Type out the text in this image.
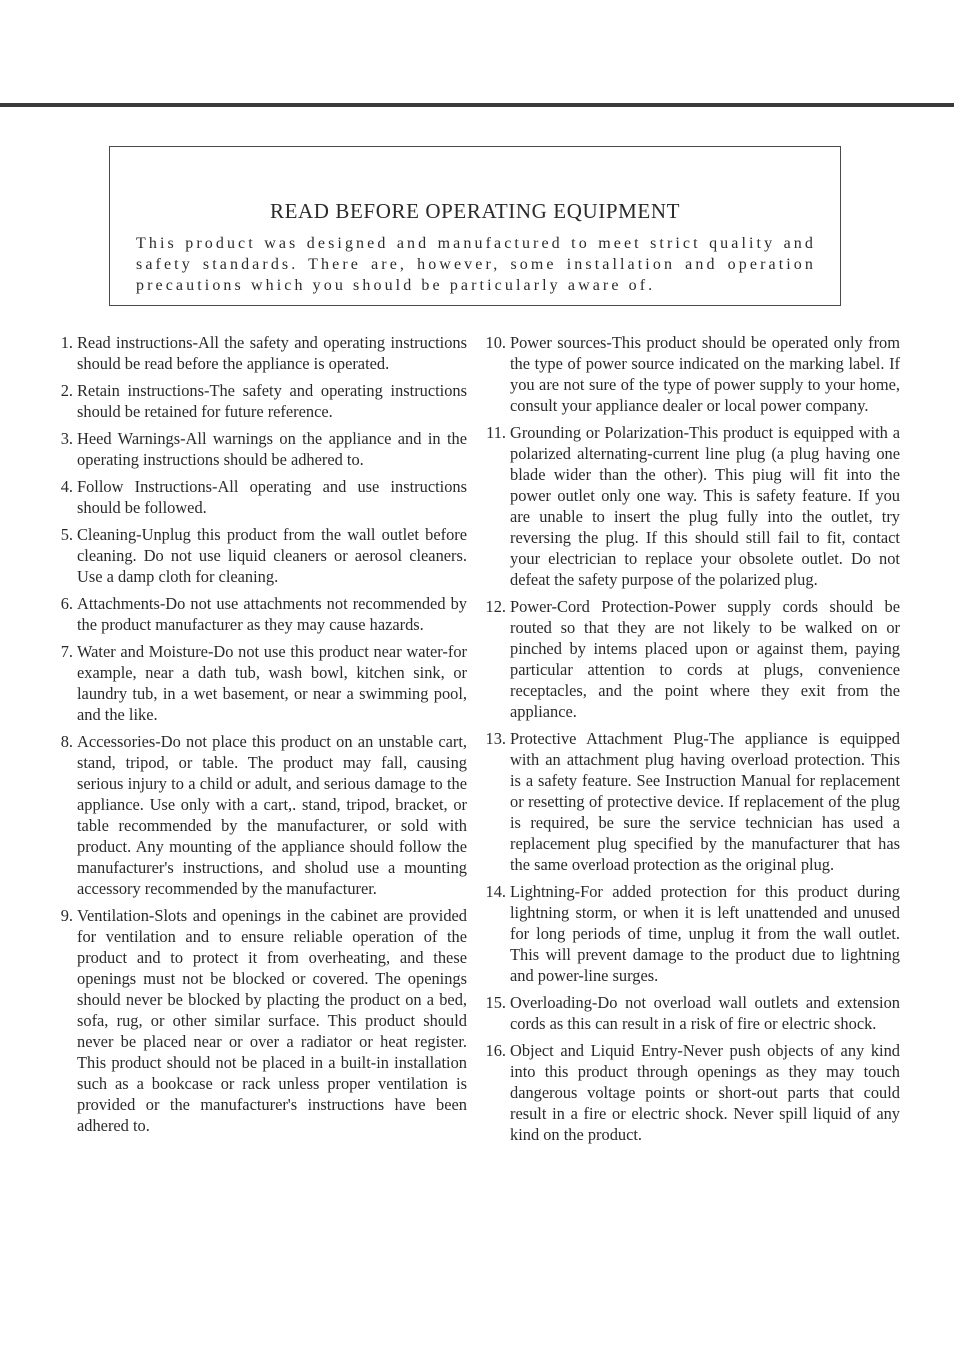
READ BEFORE OPERATING EQUIPMENT
This product was designed and manufactured to meet strict quality and safety standards. There are, however, some installation and operation precautions which you should be particularly aware of.
1. Read instructions-All the safety and operating instructions should be read before the appliance is operated.
2. Retain instructions-The safety and operating instructions should be retained for future reference.
3. Heed Warnings-All warnings on the appliance and in the operating instructions should be adhered to.
4. Follow Instructions-All operating and use instructions should be followed.
5. Cleaning-Unplug this product from the wall outlet before cleaning. Do not use liquid cleaners or aerosol cleaners. Use a damp cloth for cleaning.
6. Attachments-Do not use attachments not recommended by the product manufacturer as they may cause hazards.
7. Water and Moisture-Do not use this product near water-for example, near a dath tub, wash bowl, kitchen sink, or laundry tub, in a wet basement, or near a swimming pool, and the like.
8. Accessories-Do not place this product on an unstable cart, stand, tripod, or table. The product may fall, causing serious injury to a child or adult, and serious damage to the appliance. Use only with a cart,. stand, tripod, bracket, or table recommended by the manufacturer, or sold with product. Any mounting of the appliance should follow the manufacturer's instructions, and sholud use a mounting accessory recommended by the manufacturer.
9. Ventilation-Slots and openings in the cabinet are provided for ventilation and to ensure reliable operation of the product and to protect it from overheating, and these openings must not be blocked or covered. The openings should never be blocked by placting the product on a bed, sofa, rug, or other similar surface. This product should never be placed near or over a radiator or heat register. This product should not be placed in a built-in installation such as a bookcase or rack unless proper ventilation is provided or the manufacturer's instructions have been adhered to.
10. Power sources-This product should be operated only from the type of power source indicated on the marking label. If you are not sure of the type of power supply to your home, consult your appliance dealer or local power company.
11. Grounding or Polarization-This product is equipped with a polarized alternating-current line plug (a plug having one blade wider than the other). This piug will fit into the power outlet only one way. This is safety feature. If you are unable to insert the plug fully into the outlet, try reversing the plug. If this should still fail to fit, contact your electrician to replace your obsolete outlet. Do not defeat the safety purpose of the polarized plug.
12. Power-Cord Protection-Power supply cords should be routed so that they are not likely to be walked on or pinched by intems placed upon or against them, paying particular attention to cords at plugs, convenience receptacles, and the point where they exit from the appliance.
13. Protective Attachment Plug-The appliance is equipped with an attachment plug having overload protection. This is a safety feature. See Instruction Manual for replacement or resetting of protective device. If replacement of the plug is required, be sure the service technician has used a replacement plug specified by the manufacturer that has the same overload protection as the original plug.
14. Lightning-For added protection for this product during lightning storm, or when it is left unattended and unused for long periods of time, unplug it from the wall outlet. This will prevent damage to the product due to lightning and power-line surges.
15. Overloading-Do not overload wall outlets and extension cords as this can result in a risk of fire or electric shock.
16. Object and Liquid Entry-Never push objects of any kind into this product through openings as they may touch dangerous voltage points or short-out parts that could result in a fire or electric shock. Never spill liquid of any kind on the product.
